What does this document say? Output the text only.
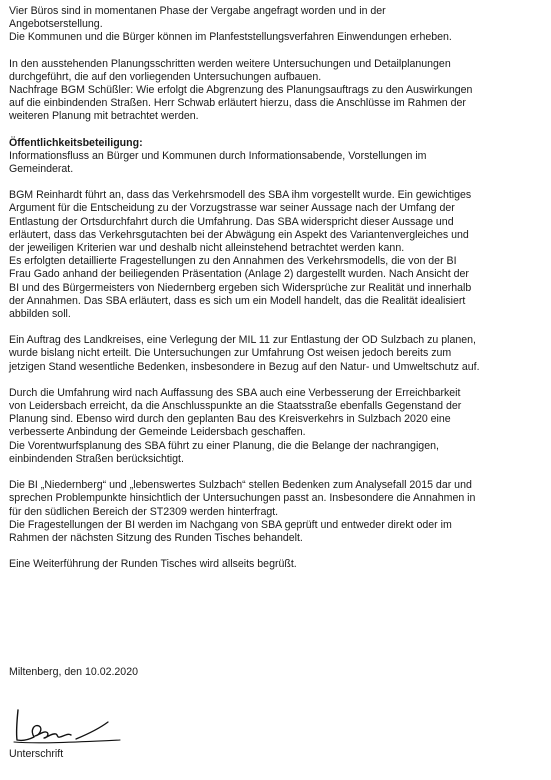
Vier Büros sind in momentanen Phase der Vergabe angefragt worden und in der
Angebotserstellung.
Die Kommunen und die Bürger können im Planfeststellungsverfahren Einwendungen erheben.
In den ausstehenden Planungsschritten werden weitere Untersuchungen und Detailplanungen
durchgeführt, die auf den vorliegenden Untersuchungen aufbauen.
Nachfrage BGM Schüßler: Wie erfolgt die Abgrenzung des Planungsauftrags zu den Auswirkungen
auf die einbindenden Straßen. Herr Schwab erläutert hierzu, dass die Anschlüsse im Rahmen der
weiteren Planung mit betrachtet werden.
Öffentlichkeitsbeteiligung:
Informationsfluss an Bürger und Kommunen durch Informationsabende, Vorstellungen im
Gemeinderat.
BGM Reinhardt führt an, dass das Verkehrsmodell des SBA ihm vorgestellt wurde. Ein gewichtiges
Argument für die Entscheidung zu der Vorzugstrasse war seiner Aussage nach der Umfang der
Entlastung der Ortsdurchfahrt durch die Umfahrung. Das SBA widerspricht dieser Aussage und
erläutert, dass das Verkehrsgutachten bei der Abwägung ein Aspekt des Variantenvergleiches und
der jeweiligen Kriterien war und deshalb nicht alleinstehend betrachtet werden kann.
Es erfolgten detaillierte Fragestellungen zu den Annahmen des Verkehrsmodells, die von der BI
Frau Gado anhand der beiliegenden Präsentation (Anlage 2) dargestellt wurden. Nach Ansicht der
BI und des Bürgermeisters von Niedernberg ergeben sich Widersprüche zur Realität und innerhalb
der Annahmen. Das SBA erläutert, dass es sich um ein Modell handelt, das die Realität idealisiert
abbilden soll.
Ein Auftrag des Landkreises, eine Verlegung der MIL 11 zur Entlastung der OD Sulzbach zu planen,
wurde bislang nicht erteilt. Die Untersuchungen zur Umfahrung Ost weisen jedoch bereits zum
jetzigen Stand wesentliche Bedenken, insbesondere in Bezug auf den Natur- und Umweltschutz auf.
Durch die Umfahrung wird nach Auffassung des SBA auch eine Verbesserung der Erreichbarkeit
von Leidersbach erreicht, da die Anschlusspunkte an die Staatsstraße ebenfalls Gegenstand der
Planung sind. Ebenso wird durch den geplanten Bau des Kreisverkehrs in Sulzbach 2020 eine
verbesserte Anbindung der Gemeinde Leidersbach geschaffen.
Die Vorentwurfsplanung des SBA führt zu einer Planung, die die Belange der nachrangigen,
einbindenden Straßen berücksichtigt.
Die BI „Niedernberg“ und „lebenswertes Sulzbach“ stellen Bedenken zum Analysefall 2015 dar und
sprechen Problempunkte hinsichtlich der Untersuchungen passt an. Insbesondere die Annahmen in
für den südlichen Bereich der ST2309 werden hinterfragt.
Die Fragestellungen der BI werden im Nachgang von SBA geprüft und entweder direkt oder im
Rahmen der nächsten Sitzung des Runden Tisches behandelt.
Eine Weiterführung der Runden Tisches wird allseits begrüßt.
Miltenberg, den 10.02.2020
Unterschrift
